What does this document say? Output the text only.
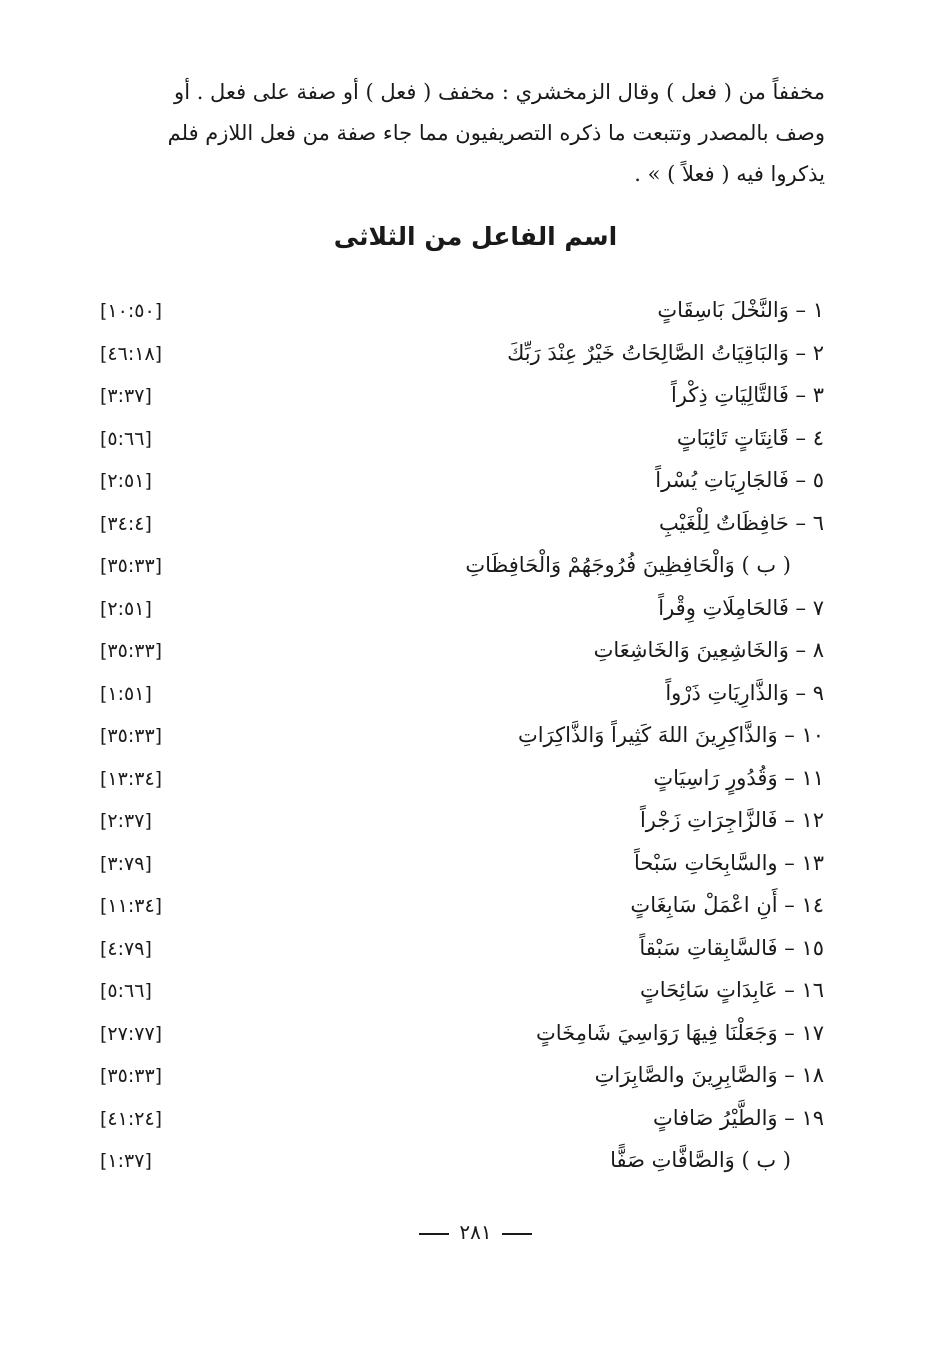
مخففاً من ( فعل ) وقال الزمخشري : مخفف ( فعل ) أو صفة على فعل . أو
وصف بالمصدر وتتبعت ما ذكره التصريفيون مما جاء صفة من فعل اللازم فلم
يذكروا فيه ( فعلاً ) » .
اسم الفاعل من الثلاثى
١ – وَالنَّخْلَ بَاسِقَاتٍ
[١٠:٥٠]
٢ – وَالبَاقِيَاتُ الصَّالِحَاتُ خَيْرٌ عِنْدَ رَبِّكَ
[٤٦:١٨]
٣ – فَالتَّالِيَاتِ ذِكْراً
[٣:٣٧]
٤ – قَانِتَاتٍ تَائِبَاتٍ
[٥:٦٦]
٥ – فَالجَارِيَاتِ يُسْراً
[٢:٥١]
٦ – حَافِظَاتٌ لِلْغَيْبِ
[٣٤:٤]
( ب ) وَالْحَافِظِينَ فُرُوجَهُمْ وَالْحَافِظَاتِ
[٣٥:٣٣]
٧ – فَالحَامِلَاتِ وِقْراً
[٢:٥١]
٨ – وَالخَاشِعِينَ وَالخَاشِعَاتِ
[٣٥:٣٣]
٩ – وَالذَّارِيَاتِ ذَرْواً
[١:٥١]
١٠ – وَالذَّاكِرِينَ اللهَ كَثِيراً وَالذَّاكِرَاتِ
[٣٥:٣٣]
١١ – وَقُدُورٍ رَاسِيَاتٍ
[١٣:٣٤]
١٢ – فَالزَّاجِرَاتِ زَجْراً
[٢:٣٧]
١٣ – والسَّابِحَاتِ سَبْحاً
[٣:٧٩]
١٤ – أَنِ اعْمَلْ سَابِغَاتٍ
[١١:٣٤]
١٥ – فَالسَّابِقاتِ سَبْقاً
[٤:٧٩]
١٦ – عَابِدَاتٍ سَائِحَاتٍ
[٥:٦٦]
١٧ – وَجَعَلْنَا فِيهَا رَوَاسِيَ شَامِخَاتٍ
[٢٧:٧٧]
١٨ – وَالصَّابِرِينَ والصَّابِرَاتِ
[٣٥:٣٣]
١٩ – وَالطَّيْرُ صَافاتٍ
[٤١:٢٤]
( ب ) وَالصَّافَّاتِ صَفًّا
[١:٣٧]
٢٨١
